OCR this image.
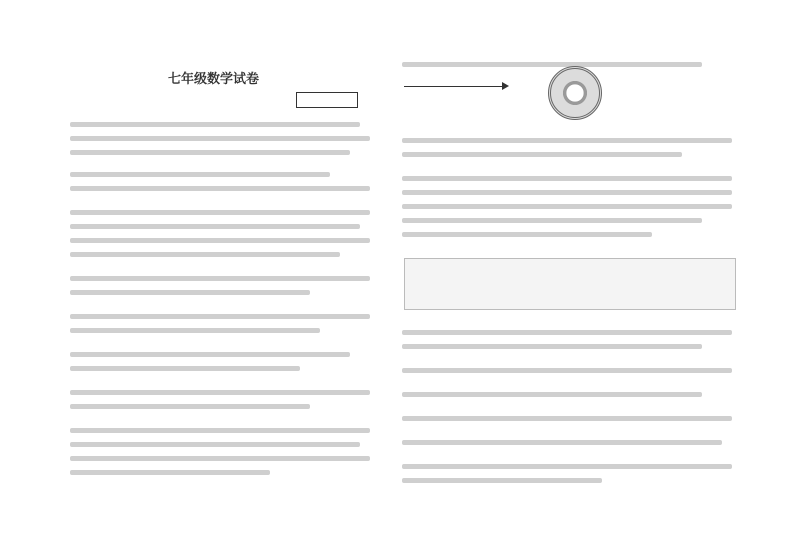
七年级数学试卷
